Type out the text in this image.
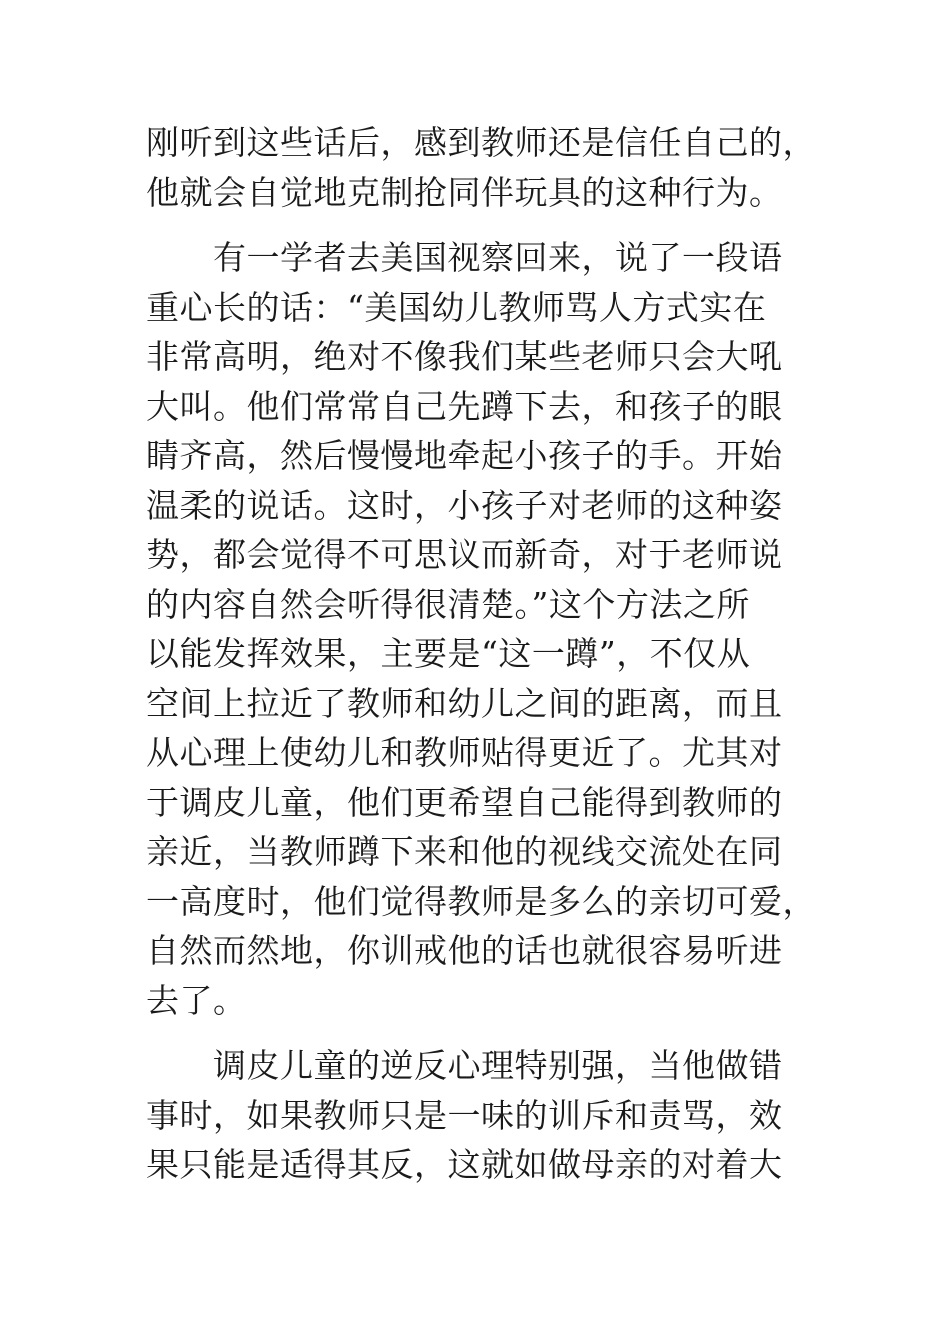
刚听到这些话后，感到教师还是信任自己的，
他就会自觉地克制抢同伴玩具的这种行为。
有一学者去美国视察回来，说了一段语
重心长的话：“美国幼儿教师骂人方式实在
非常高明，绝对不像我们某些老师只会大吼
大叫。他们常常自己先蹲下去，和孩子的眼
睛齐高，然后慢慢地牵起小孩子的手。开始
温柔的说话。这时，小孩子对老师的这种姿
势，都会觉得不可思议而新奇，对于老师说
的内容自然会听得很清楚。”这个方法之所
以能发挥效果，主要是“这一蹲”，不仅从
空间上拉近了教师和幼儿之间的距离，而且
从心理上使幼儿和教师贴得更近了。尤其对
于调皮儿童，他们更希望自己能得到教师的
亲近，当教师蹲下来和他的视线交流处在同
一高度时，他们觉得教师是多么的亲切可爱，
自然而然地，你训戒他的话也就很容易听进
去了。
调皮儿童的逆反心理特别强，当他做错
事时，如果教师只是一味的训斥和责骂，效
果只能是适得其反，这就如做母亲的对着大
